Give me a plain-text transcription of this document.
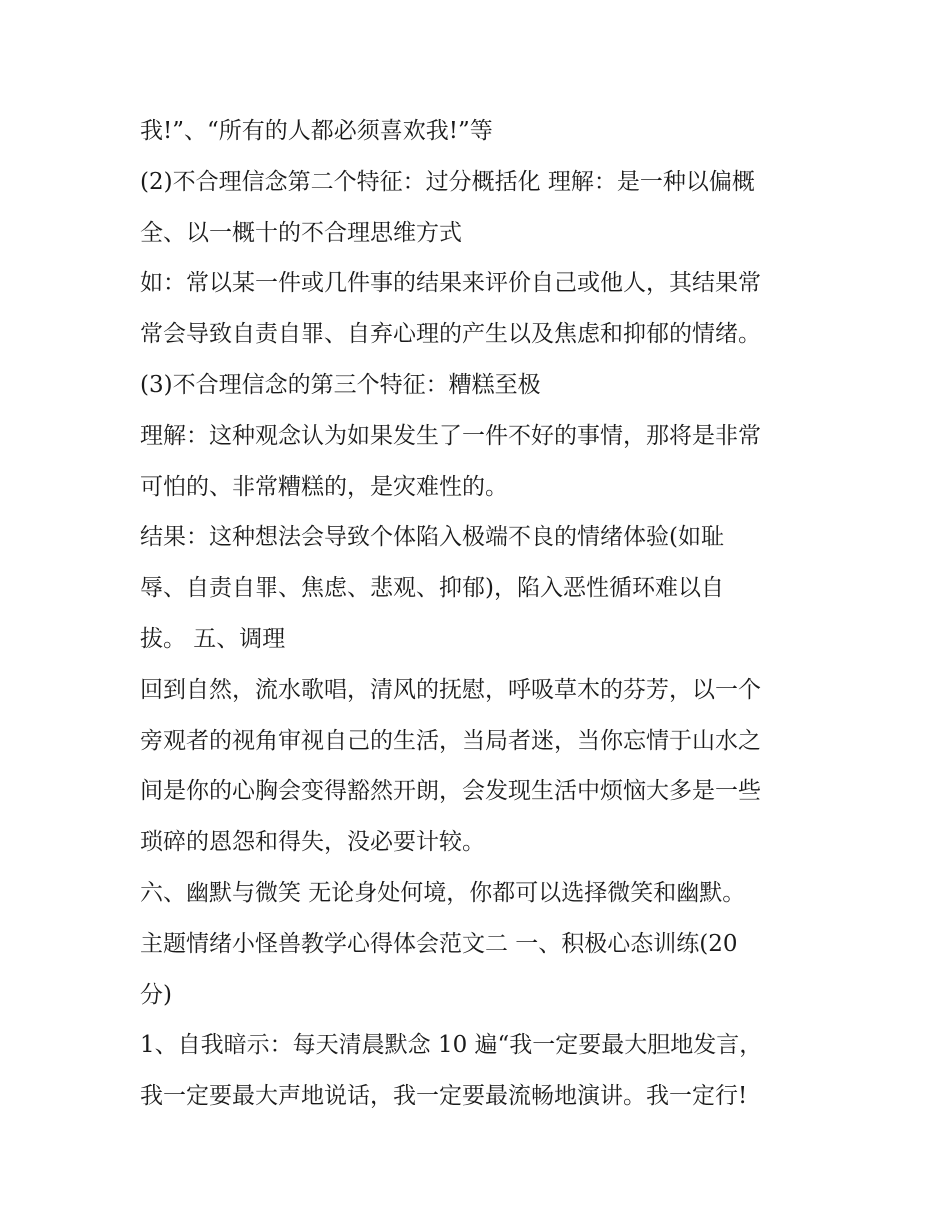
我!”、“所有的人都必须喜欢我!”等
(2)不合理信念第二个特征：过分概括化 理解：是一种以偏概
全、以一概十的不合理思维方式
如：常以某一件或几件事的结果来评价自己或他人，其结果常
常会导致自责自罪、自弃心理的产生以及焦虑和抑郁的情绪。
(3)不合理信念的第三个特征：糟糕至极
理解：这种观念认为如果发生了一件不好的事情，那将是非常
可怕的、非常糟糕的，是灾难性的。
结果：这种想法会导致个体陷入极端不良的情绪体验(如耻
辱、自责自罪、焦虑、悲观、抑郁)，陷入恶性循环难以自
拔。 五、调理
回到自然，流水歌唱，清风的抚慰，呼吸草木的芬芳，以一个
旁观者的视角审视自己的生活，当局者迷，当你忘情于山水之
间是你的心胸会变得豁然开朗，会发现生活中烦恼大多是一些
琐碎的恩怨和得失，没必要计较。
六、幽默与微笑 无论身处何境，你都可以选择微笑和幽默。
主题情绪小怪兽教学心得体会范文二 一、积极心态训练(20
分)
1、自我暗示：每天清晨默念 10 遍“我一定要最大胆地发言，
我一定要最大声地说话，我一定要最流畅地演讲。我一定行!
